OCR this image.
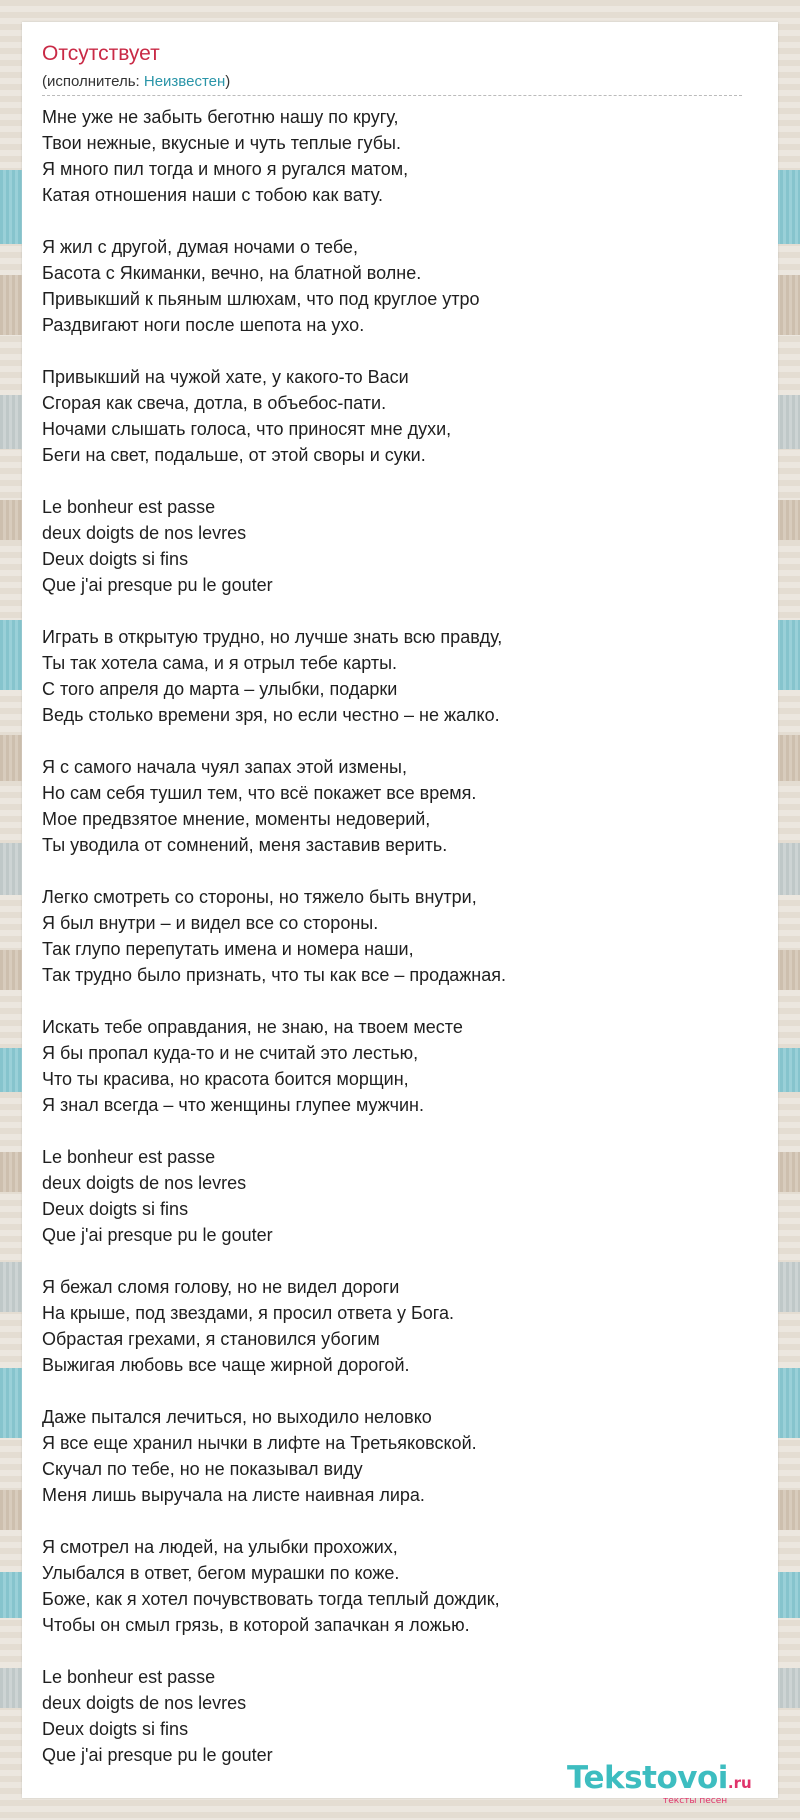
Отсутствует
(исполнитель: Неизвестен)
Мне уже не забыть беготню нашу по кругу,
Твои нежные, вкусные и чуть теплые губы.
Я много пил тогда и много я ругался матом,
Катая отношения наши с тобою как вату.
Я жил с другой, думая ночами о тебе,
Басота с Якиманки, вечно, на блатной волне.
Привыкший к пьяным шлюхам, что под круглое утро
Раздвигают ноги после шепота на ухо.
Привыкший на чужой хате, у какого-то Васи
Сгорая как свеча, дотла, в объебос-пати.
Ночами слышать голоса, что приносят мне духи,
Беги на свет, подальше, от этой своры и суки.
Le bonheur est passe
deux doigts de nos levres
Deux doigts si fins
Que j'ai presque pu le gouter
Играть в открытую трудно, но лучше знать всю правду,
Ты так хотела сама, и я отрыл тебе карты.
С того апреля до марта – улыбки, подарки
Ведь столько времени зря, но если честно – не жалко.
Я с самого начала чуял запах этой измены,
Но сам себя тушил тем, что всё покажет все время.
Мое предвзятое мнение, моменты недоверий,
Ты уводила от сомнений, меня заставив верить.
Легко смотреть со стороны, но тяжело быть внутри,
Я был внутри – и видел все со стороны.
Так глупо перепутать имена и номера наши,
Так трудно было признать, что ты как все – продажная.
Искать тебе оправдания, не знаю, на твоем месте
Я бы пропал куда-то и не считай это лестью,
Что ты красива, но красота боится морщин,
Я знал всегда – что женщины глупее мужчин.
Le bonheur est passe
deux doigts de nos levres
Deux doigts si fins
Que j'ai presque pu le gouter
Я бежал сломя голову, но не видел дороги
На крыше, под звездами, я просил ответа у Бога.
Обрастая грехами, я становился убогим
Выжигая любовь все чаще жирной дорогой.
Даже пытался лечиться, но выходило неловко
Я все еще хранил нычки в лифте на Третьяковской.
Скучал по тебе, но не показывал виду
Меня лишь выручала на листе наивная лира.
Я смотрел на людей, на улыбки прохожих,
Улыбался в ответ, бегом мурашки по коже.
Боже, как я хотел почувствовать тогда теплый дождик,
Чтобы он смыл грязь, в которой запачкан я ложью.
Le bonheur est passe
deux doigts de nos levres
Deux doigts si fins
Que j'ai presque pu le gouter
Tekstovoi.ru
тексты песен
